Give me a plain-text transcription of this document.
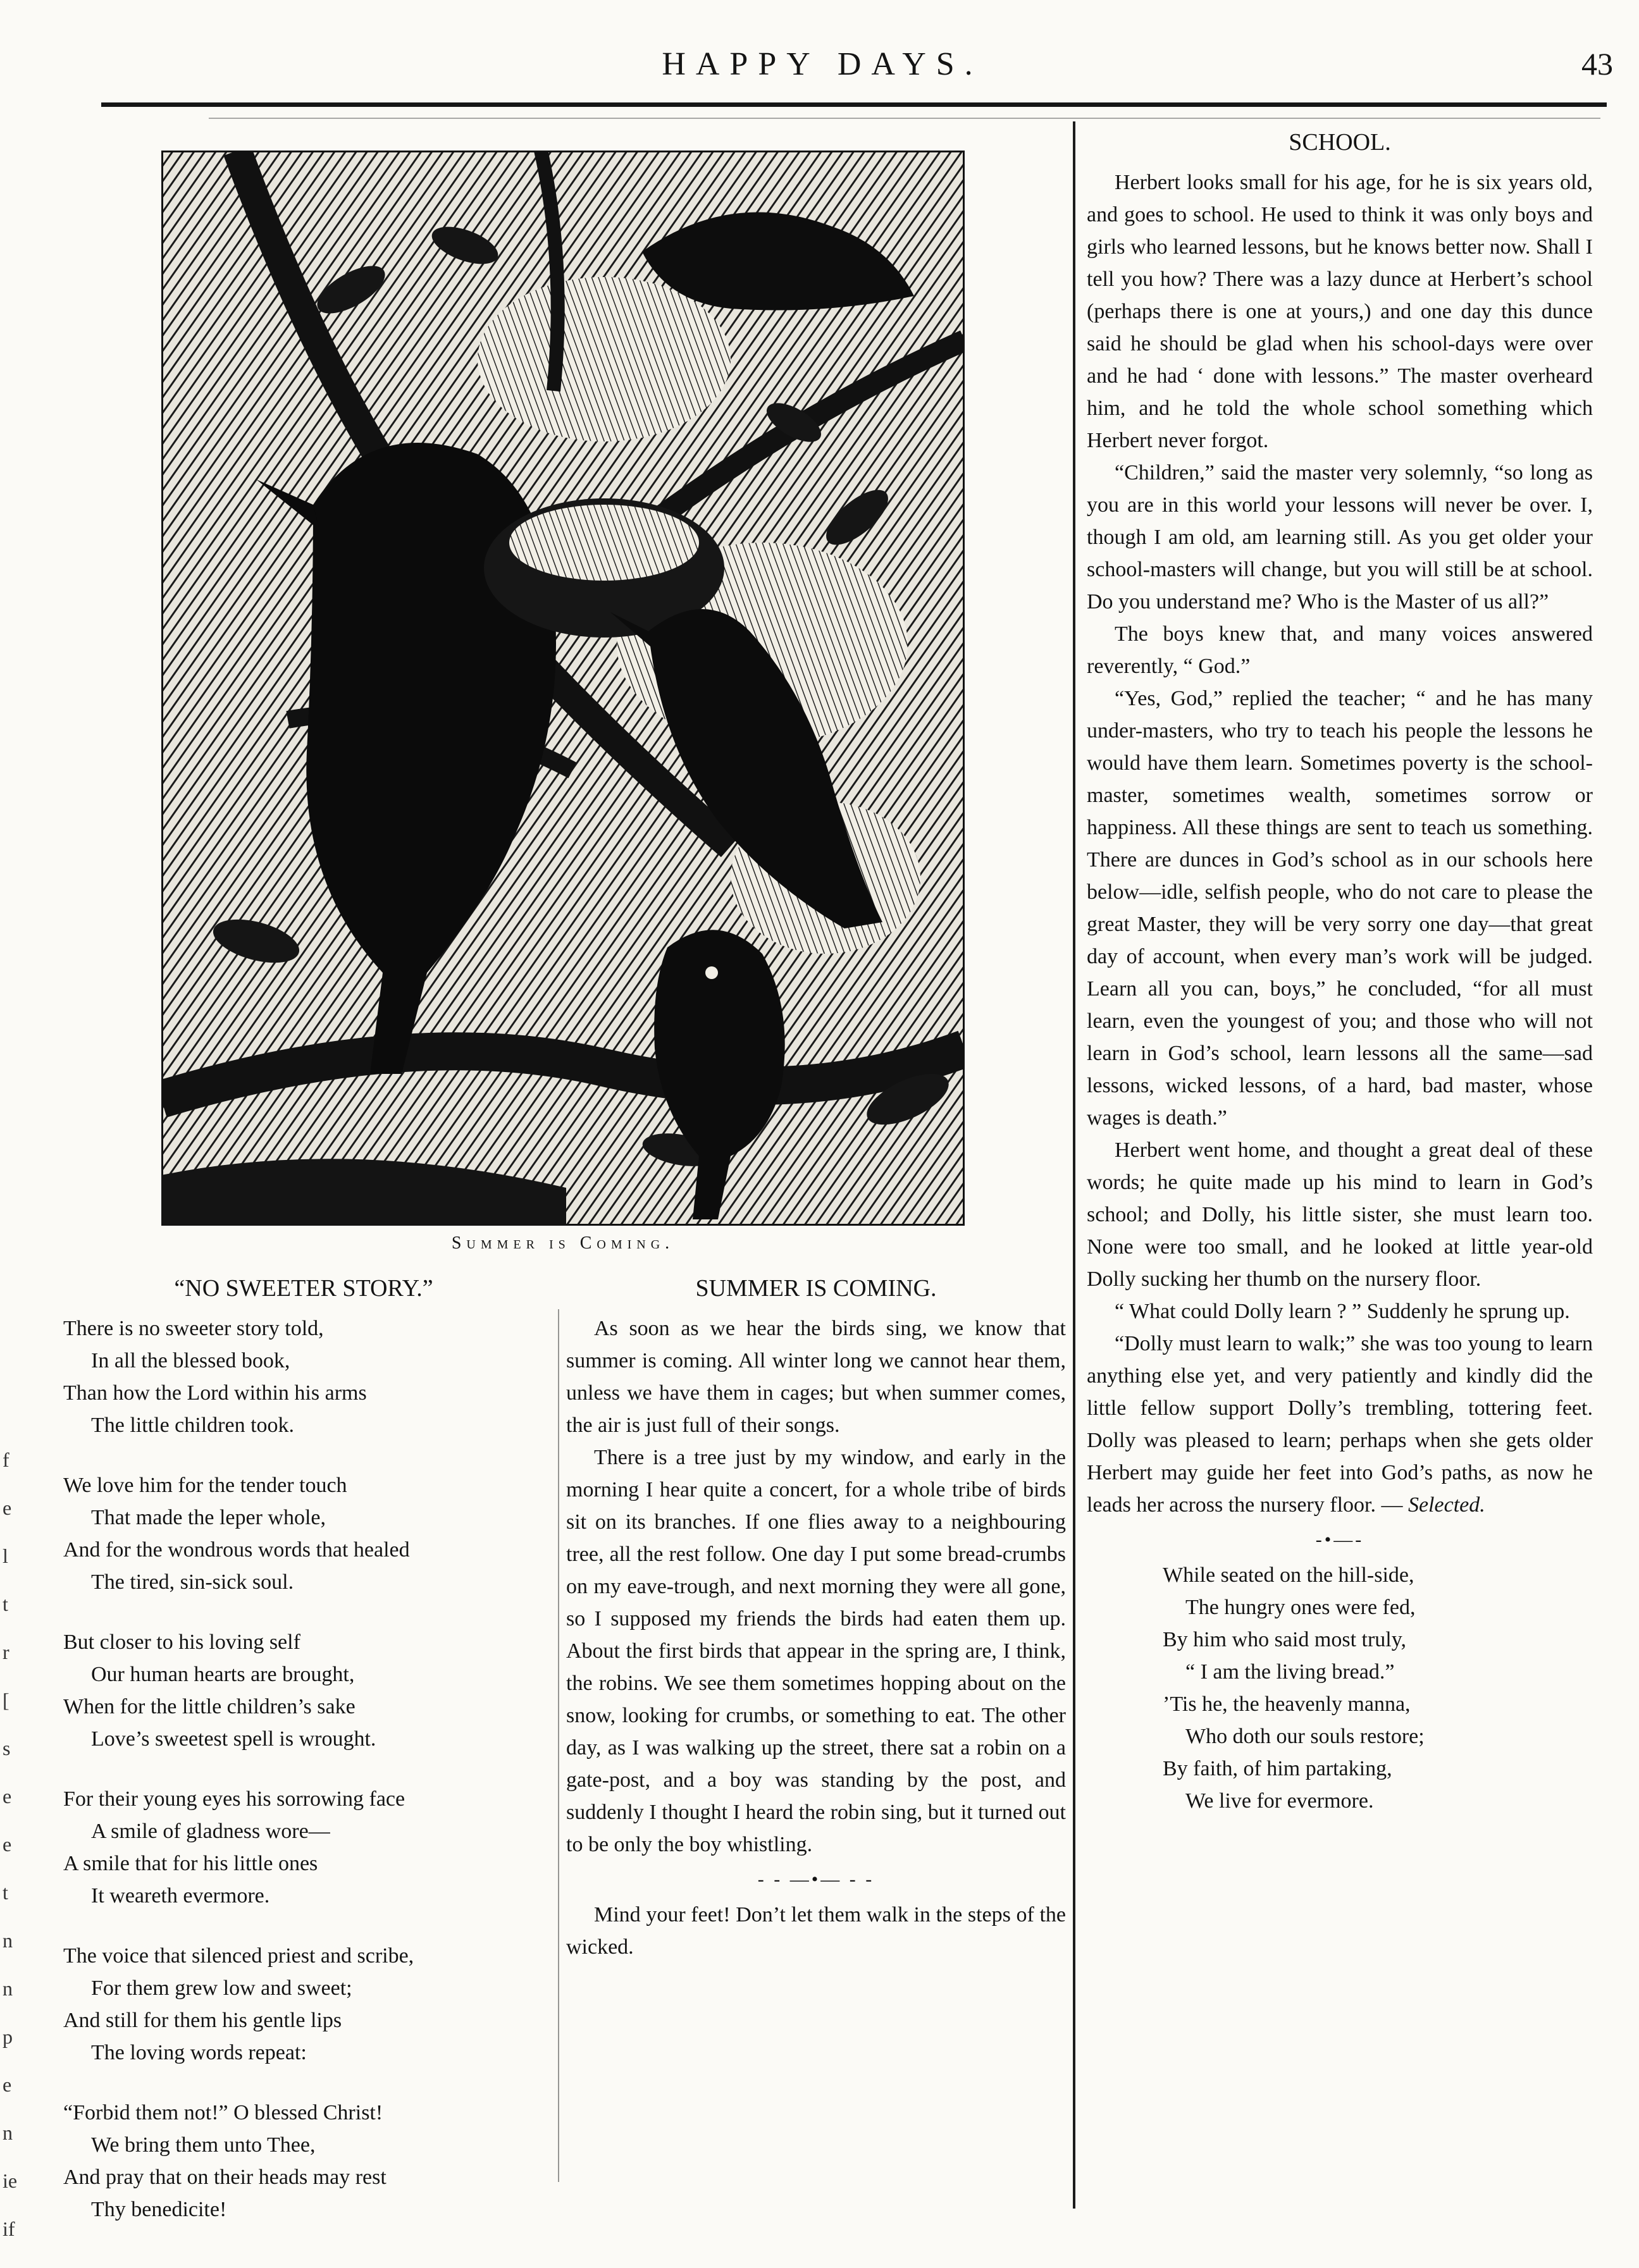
HAPPY DAYS.	43
Summer is Coming.
“NO SWEETER STORY.”
There is no sweeter story told,
In all the blessed book,
Than how the Lord within his arms
The little children took.
We love him for the tender touch
That made the leper whole,
And for the wondrous words that healed
The tired, sin-sick soul.
But closer to his loving self
Our human hearts are brought,
When for the little children’s sake
Love’s sweetest spell is wrought.
For their young eyes his sorrowing face
A smile of gladness wore—
A smile that for his little ones
It weareth evermore.
The voice that silenced priest and scribe,
For them grew low and sweet;
And still for them his gentle lips
The loving words repeat:
“Forbid them not!” O blessed Christ!
We bring them unto Thee,
And pray that on their heads may rest
Thy benedicite!
SUMMER IS COMING.

As soon as we hear the birds sing, we know that summer is coming. All winter long we cannot hear them, unless we have them in cages; but when summer comes, the air is just full of their songs.

There is a tree just by my window, and early in the morning I hear quite a concert, for a whole tribe of birds sit on its branches. If one flies away to a neighbouring tree, all the rest follow. One day I put some bread-crumbs on my eave-trough, and next morning they were all gone, so I supposed my friends the birds had eaten them up. About the first birds that appear in the spring are, I think, the robins. We see them sometimes hopping about on the snow, looking for crumbs, or something to eat. The other day, as I was walking up the street, there sat a robin on a gate-post, and a boy was standing by the post, and suddenly I thought I heard the robin sing, but it turned out to be only the boy whistling.

- - —•— - -

Mind your feet! Don’t let them walk in the steps of the wicked.

SCHOOL.

Herbert looks small for his age, for he is six years old, and goes to school. He used to think it was only boys and girls who learned lessons, but he knows better now. Shall I tell you how? There was a lazy dunce at Herbert’s school (perhaps there is one at yours,) and one day this dunce said he should be glad when his school-days were over and he had ‘ done with lessons.” The master overheard him, and he told the whole school something which Herbert never forgot.

“Children,” said the master very solemnly, “so long as you are in this world your lessons will never be over. I, though I am old, am learning still. As you get older your school-masters will change, but you will still be at school. Do you understand me? Who is the Master of us all?”

The boys knew that, and many voices answered reverently, “ God.”

“Yes, God,” replied the teacher; “ and he has many under-masters, who try to teach his people the lessons he would have them learn. Sometimes poverty is the school-master, sometimes wealth, sometimes sorrow or happiness. All these things are sent to teach us something. There are dunces in God’s school as in our schools here below—idle, selfish people, who do not care to please the great Master, they will be very sorry one day—that great day of account, when every man’s work will be judged. Learn all you can, boys,” he concluded, “for all must learn, even the youngest of you; and those who will not learn in God’s school, learn lessons all the same—sad lessons, wicked lessons, of a hard, bad master, whose wages is death.”

Herbert went home, and thought a great deal of these words; he quite made up his mind to learn in God’s school; and Dolly, his little sister, she must learn too. None were too small, and he looked at little year-old Dolly sucking her thumb on the nursery floor.

“ What could Dolly learn ? ” Suddenly he sprung up.

“Dolly must learn to walk;” she was too young to learn anything else yet, and very patiently and kindly did the little fellow support Dolly’s trembling, tottering feet. Dolly was pleased to learn; perhaps when she gets older Herbert may guide her feet into God’s paths, as now he leads her across the nursery floor. — Selected.

-•—-
While seated on the hill-side,
The hungry ones were fed,
By him who said most truly,
“ I am the living bread.”
’Tis he, the heavenly manna,
Who doth our souls restore;
By faith, of him partaking,
We live for evermore.
f
e
l
t
r
[
s
e
e
t
n
n
p
e
n
ie
if
